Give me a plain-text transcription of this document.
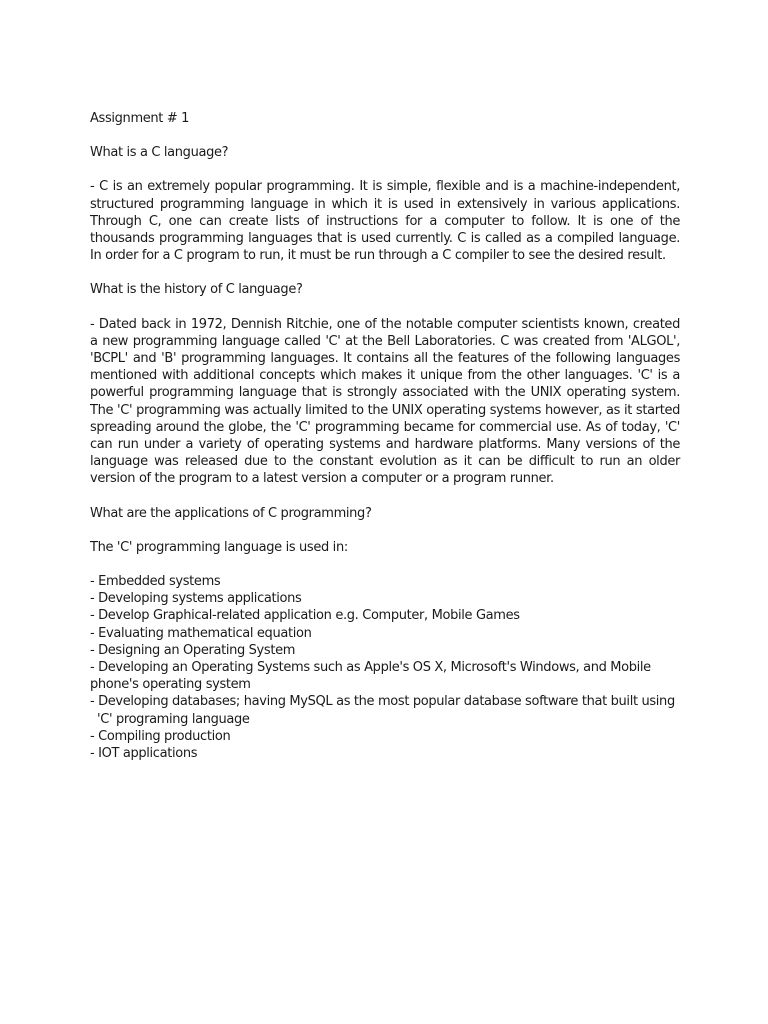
Assignment # 1

What is a C language?

- C is an extremely popular programming. It is simple, flexible and is a machine-independent, structured programming language in which it is used in extensively in various applications. Through C, one can create lists of instructions for a computer to follow. It is one of the thousands programming languages that is used currently. C is called as a compiled language. In order for a C program to run, it must be run through a C compiler to see the desired result.

What is the history of C language?

- Dated back in 1972, Dennish Ritchie, one of the notable computer scientists known, created a new programming language called 'C' at the Bell Laboratories. C was created from 'ALGOL', 'BCPL' and 'B' programming languages. It contains all the features of the following languages mentioned with additional concepts which makes it unique from the other languages. 'C' is a powerful programming language that is strongly associated with the UNIX operating system. The 'C' programming was actually limited to the UNIX operating systems however, as it started spreading around the globe, the 'C' programming became for commercial use. As of today, 'C' can run under a variety of operating systems and hardware platforms. Many versions of the language was released due to the constant evolution as it can be difficult to run an older version of the program to a latest version a computer or a program runner.

What are the applications of C programming?

The 'C' programming language is used in:

- Embedded systems
- Developing systems applications
- Develop Graphical-related application e.g. Computer, Mobile Games
- Evaluating mathematical equation
- Designing an Operating System
- Developing an Operating Systems such as Apple's OS X, Microsoft's Windows, and Mobile phone's operating system
- Developing databases; having MySQL as the most popular database software that built using
'C' programing language
- Compiling production
- IOT applications
